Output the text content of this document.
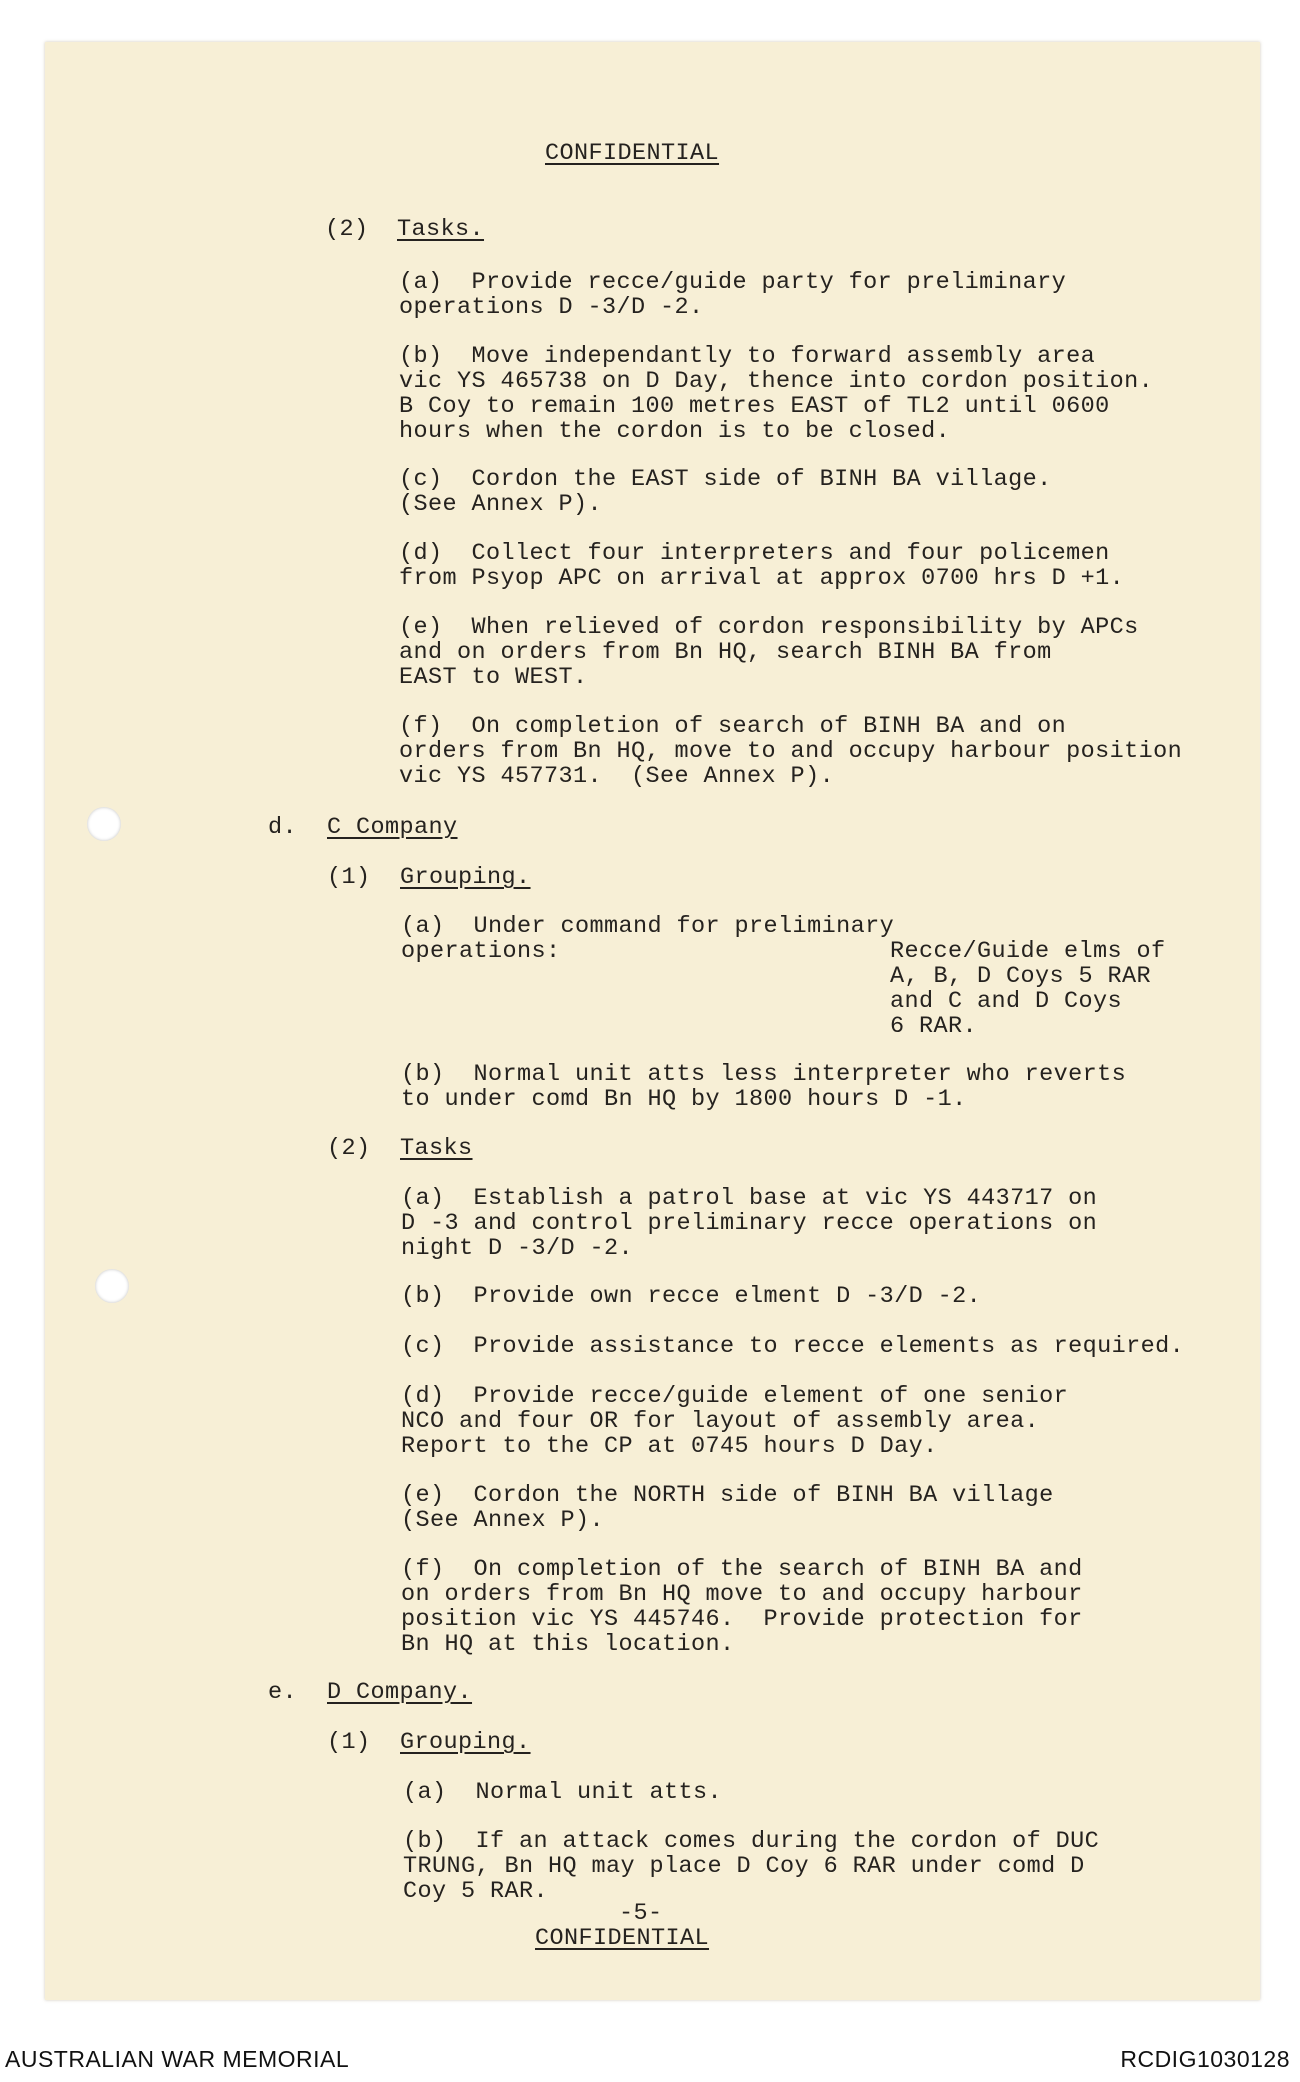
CONFIDENTIAL
(2) Tasks.
(a)  Provide recce/guide party for preliminary
operations D -3/D -2.
(b)  Move independantly to forward assembly area
vic YS 465738 on D Day, thence into cordon position.
B Coy to remain 100 metres EAST of TL2 until 0600
hours when the cordon is to be closed.
(c)  Cordon the EAST side of BINH BA village.
(See Annex P).
(d)  Collect four interpreters and four policemen
from Psyop APC on arrival at approx 0700 hrs D +1.
(e)  When relieved of cordon responsibility by APCs
and on orders from Bn HQ, search BINH BA from
EAST to WEST.
(f)  On completion of search of BINH BA and on
orders from Bn HQ, move to and occupy harbour position
vic YS 457731.  (See Annex P).
d. C Company
(1) Grouping.
(a)  Under command for preliminary
operations:	Recce/Guide elms of
A, B, D Coys 5 RAR
and C and D Coys
6 RAR.
(b)  Normal unit atts less interpreter who reverts
to under comd Bn HQ by 1800 hours D -1.
(2) Tasks
(a)  Establish a patrol base at vic YS 443717 on
D -3 and control preliminary recce operations on
night D -3/D -2.
(b)  Provide own recce elment D -3/D -2.
(c)  Provide assistance to recce elements as required.
(d)  Provide recce/guide element of one senior
NCO and four OR for layout of assembly area.
Report to the CP at 0745 hours D Day.
(e)  Cordon the NORTH side of BINH BA village
(See Annex P).
(f)  On completion of the search of BINH BA and
on orders from Bn HQ move to and occupy harbour
position vic YS 445746.  Provide protection for
Bn HQ at this location.
e. D Company.
(1) Grouping.
(a)  Normal unit atts.
(b)  If an attack comes during the cordon of DUC
TRUNG, Bn HQ may place D Coy 6 RAR under comd D
Coy 5 RAR.
-5-
CONFIDENTIAL
AUSTRALIAN WAR MEMORIAL	RCDIG1030128
